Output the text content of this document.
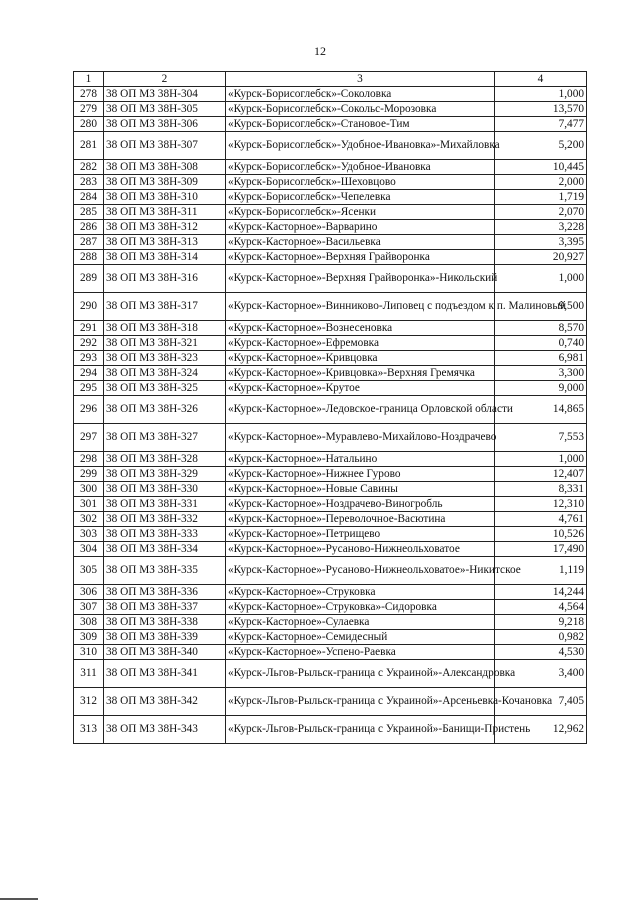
12
1	2	3	4
278	38 ОП МЗ 38Н-304	«Курск-Борисоглебск»-Соколовка	1,000
279	38 ОП МЗ 38Н-305	«Курск-Борисоглебск»-Сокольс-Морозовка	13,570
280	38 ОП МЗ 38Н-306	«Курск-Борисоглебск»-Становое-Тим	7,477
281	38 ОП МЗ 38Н-307	«Курск-Борисоглебск»-Удобное-Ивановка»-Михайловка	5,200
282	38 ОП МЗ 38Н-308	«Курск-Борисоглебск»-Удобное-Ивановка	10,445
283	38 ОП МЗ 38Н-309	«Курск-Борисоглебск»-Шеховцово	2,000
284	38 ОП МЗ 38Н-310	«Курск-Борисоглебск»-Чепелевка	1,719
285	38 ОП МЗ 38Н-311	«Курск-Борисоглебск»-Ясенки	2,070
286	38 ОП МЗ 38Н-312	«Курск-Касторное»-Варварино	3,228
287	38 ОП МЗ 38Н-313	«Курск-Касторное»-Васильевка	3,395
288	38 ОП МЗ 38Н-314	«Курск-Касторное»-Верхняя Грайворонка	20,927
289	38 ОП МЗ 38Н-316	«Курск-Касторное»-Верхняя Грайворонка»-Никольский	1,000
290	38 ОП МЗ 38Н-317	«Курск-Касторное»-Винниково-Липовец с подъездом к п. Малиновый	9,500
291	38 ОП МЗ 38Н-318	«Курск-Касторное»-Вознесеновка	8,570
292	38 ОП МЗ 38Н-321	«Курск-Касторное»-Ефремовка	0,740
293	38 ОП МЗ 38Н-323	«Курск-Касторное»-Кривцовка	6,981
294	38 ОП МЗ 38Н-324	«Курск-Касторное»-Кривцовка»-Верхняя Гремячка	3,300
295	38 ОП МЗ 38Н-325	«Курск-Касторное»-Крутое	9,000
296	38 ОП МЗ 38Н-326	«Курск-Касторное»-Ледовское-граница Орловской области	14,865
297	38 ОП МЗ 38Н-327	«Курск-Касторное»-Муравлево-Михайлово-Ноздрачево	7,553
298	38 ОП МЗ 38Н-328	«Курск-Касторное»-Натальино	1,000
299	38 ОП МЗ 38Н-329	«Курск-Касторное»-Нижнее Гурово	12,407
300	38 ОП МЗ 38Н-330	«Курск-Касторное»-Новые Савины	8,331
301	38 ОП МЗ 38Н-331	«Курск-Касторное»-Ноздрачево-Виногробль	12,310
302	38 ОП МЗ 38Н-332	«Курск-Касторное»-Переволочное-Васютина	4,761
303	38 ОП МЗ 38Н-333	«Курск-Касторное»-Петрищево	10,526
304	38 ОП МЗ 38Н-334	«Курск-Касторное»-Русаново-Нижнеольховатое	17,490
305	38 ОП МЗ 38Н-335	«Курск-Касторное»-Русаново-Нижнеольховатое»-Никитское	1,119
306	38 ОП МЗ 38Н-336	«Курск-Касторное»-Струковка	14,244
307	38 ОП МЗ 38Н-337	«Курск-Касторное»-Струковка»-Сидоровка	4,564
308	38 ОП МЗ 38Н-338	«Курск-Касторное»-Сулаевка	9,218
309	38 ОП МЗ 38Н-339	«Курск-Касторное»-Семидесный	0,982
310	38 ОП МЗ 38Н-340	«Курск-Касторное»-Успено-Раевка	4,530
311	38 ОП МЗ 38Н-341	«Курск-Льгов-Рыльск-граница с Украиной»-Александровка	3,400
312	38 ОП МЗ 38Н-342	«Курск-Льгов-Рыльск-граница с Украиной»-Арсеньевка-Кочановка	7,405
313	38 ОП МЗ 38Н-343	«Курск-Льгов-Рыльск-граница с Украиной»-Банищи-Пристень	12,962
